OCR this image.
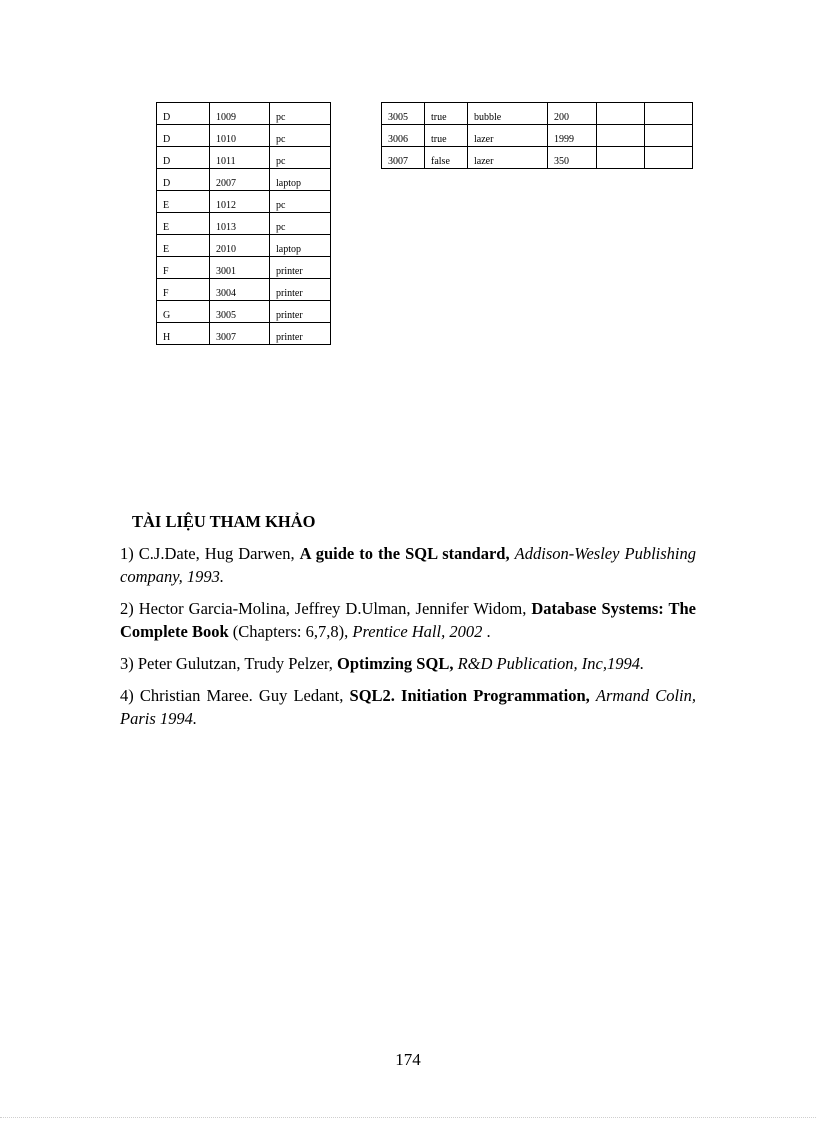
D	1009	pc
D	1010	pc
D	1011	pc
D	2007	laptop
E	1012	pc
E	1013	pc
E	2010	laptop
F	3001	printer
F	3004	printer
G	3005	printer
H	3007	printer
3005	true	bubble	200		
3006	true	lazer	1999		
3007	false	lazer	350		
TÀI LIỆU THAM KHẢO

1) C.J.Date, Hug Darwen, A guide to the SQL standard, Addison-Wesley Publishing company, 1993.

2) Hector Garcia-Molina, Jeffrey D.Ulman, Jennifer Widom, Database Systems: The Complete Book (Chapters: 6,7,8), Prentice Hall, 2002 .

3) Peter Gulutzan, Trudy Pelzer, Optimzing SQL, R&D Publication, Inc,1994.

4) Christian Maree. Guy Ledant, SQL2. Initiation Programmation, Armand Colin, Paris 1994.

174
